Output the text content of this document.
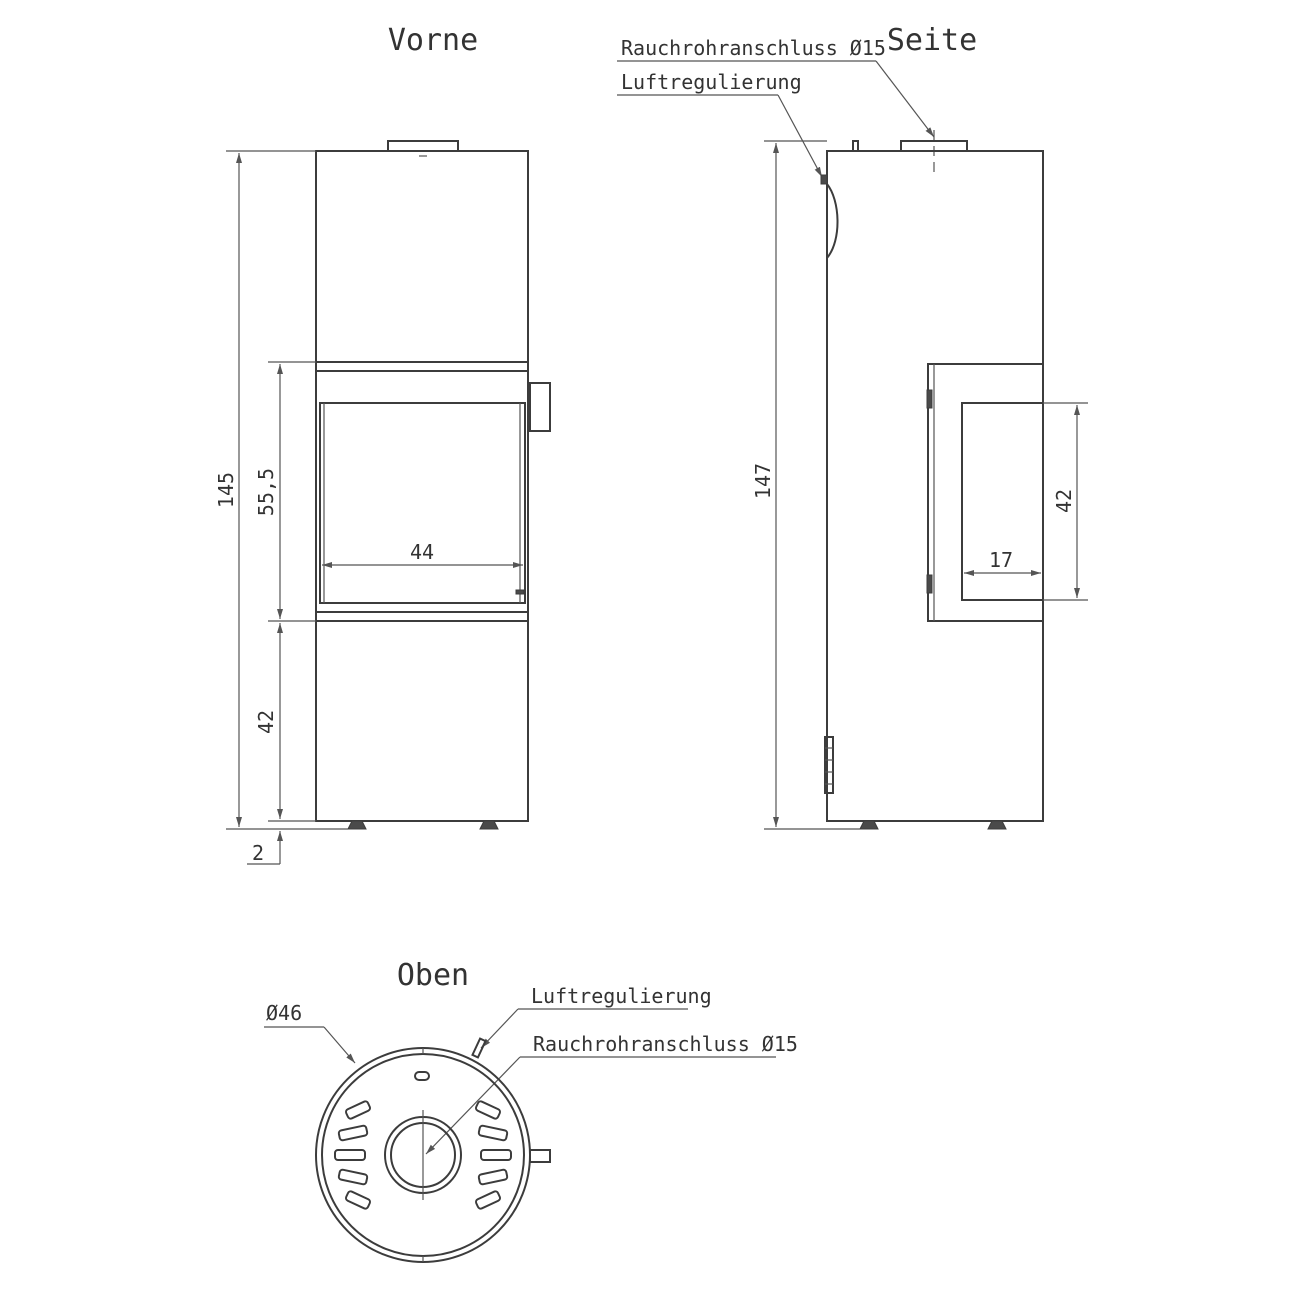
Vorne
145 55,5
42
2
44
Seite
Rauchrohranschluss Ø15
Luftregulierung
147
42
17
Oben
Luftregulierung
Rauchrohranschluss Ø15
Ø46
